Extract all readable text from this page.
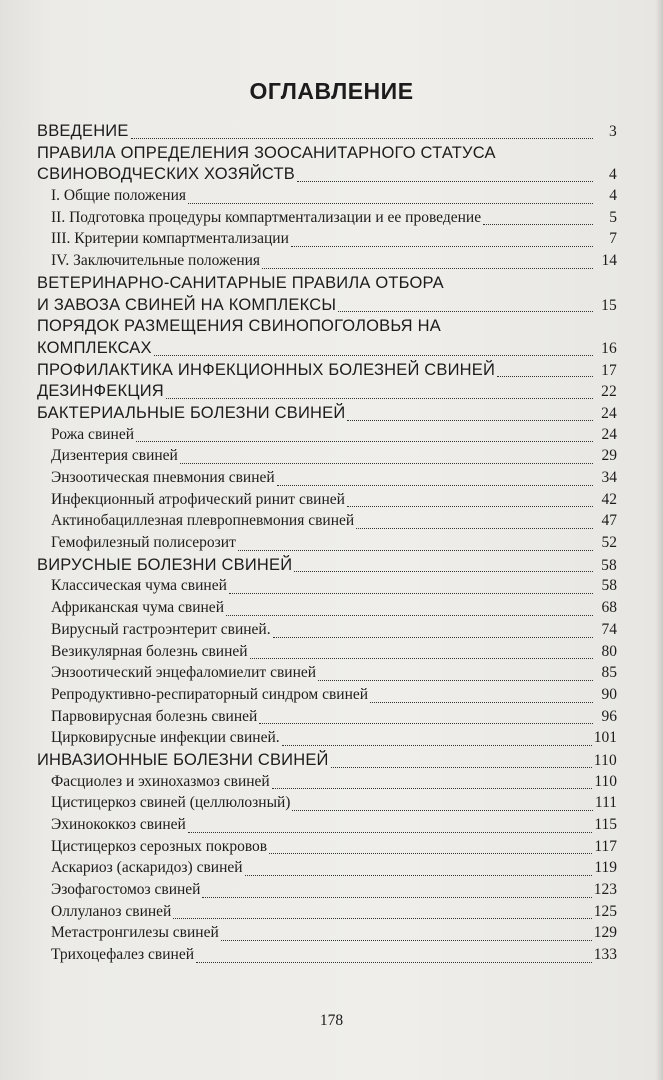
ОГЛАВЛЕНИЕ
ВВЕДЕНИЕ	3
ПРАВИЛА ОПРЕДЕЛЕНИЯ ЗООСАНИТАРНОГО СТАТУСА
СВИНОВОДЧЕСКИХ ХОЗЯЙСТВ	4
I. Общие положения	4
II. Подготовка процедуры компартментализации и ее проведение	5
III. Критерии компартментализации	7
IV. Заключительные положения	14
ВЕТЕРИНАРНО-САНИТАРНЫЕ ПРАВИЛА ОТБОРА
И ЗАВОЗА СВИНЕЙ НА КОМПЛЕКСЫ	15
ПОРЯДОК РАЗМЕЩЕНИЯ СВИНОПОГОЛОВЬЯ НА
КОМПЛЕКСАХ	16
ПРОФИЛАКТИКА ИНФЕКЦИОННЫХ БОЛЕЗНЕЙ СВИНЕЙ	17
ДЕЗИНФЕКЦИЯ	22
БАКТЕРИАЛЬНЫЕ БОЛЕЗНИ СВИНЕЙ	24
Рожа свиней	24
Дизентерия свиней	29
Энзоотическая пневмония свиней	34
Инфекционный атрофический ринит свиней	42
Актинобациллезная плевропневмония свиней	47
Гемофилезный полисерозит	52
ВИРУСНЫЕ БОЛЕЗНИ СВИНЕЙ	58
Классическая чума свиней	58
Африканская чума свиней	68
Вирусный гастроэнтерит свиней.	74
Везикулярная болезнь свиней	80
Энзоотический энцефаломиелит свиней	85
Репродуктивно-респираторный синдром свиней	90
Парвовирусная болезнь свиней	96
Цирковирусные инфекции свиней.	101
ИНВАЗИОННЫЕ БОЛЕЗНИ СВИНЕЙ	110
Фасциолез и эхинохазмоз свиней	110
Цистицеркоз свиней (целлюлозный)	111
Эхинококкоз свиней	115
Цистицеркоз серозных покровов	117
Аскариоз (аскаридоз) свиней	119
Эзофагостомоз свиней	123
Оллуланоз свиней	125
Метастронгилезы свиней	129
Трихоцефалез свиней	133
178
